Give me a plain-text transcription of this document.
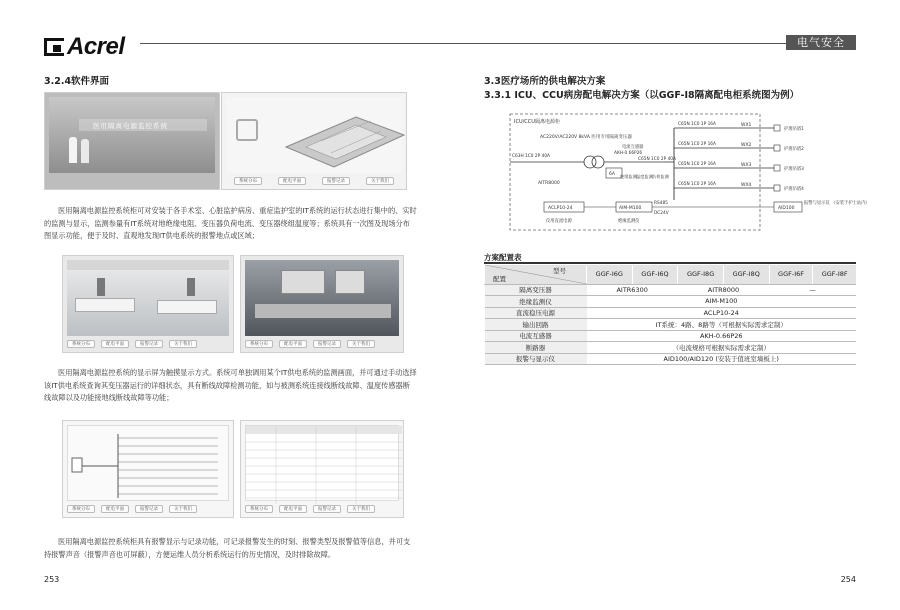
Acrel	电气安全
3.2.4软件界面
医用隔离电源监控系统
系统分布	配电平面	报警记录	关于我们
医用隔离电源监控系统柜可对安装于各手术室、心脏监护病房、重症监护室的IT系统的运行状态进行集中的、实时的监测与显示，监测参量有IT系统对地绝缘电阻、变压器负荷电流、变压器绕组温度等；系统具有一次图及现场分布图显示功能，便于及时、直观地发现IT供电系统的报警地点或区域；
系统分布	配电平面	报警记录	关于我们	系统分布	配电平面	报警记录	关于我们
医用隔离电源监控系统的显示屏为触摸显示方式。系统可单独调用某个IT供电系统的监测画面，并可通过手动选择该IT供电系统查询其变压器运行的详细状态，具有断线故障检测功能，如与被测系统连接线断线故障、温度传感器断线故障以及功能接地线断线故障等功能；
系统分布	配电平面	报警记录	关于我们	系统分布	配电平面	报警记录	关于我们
医用隔离电源监控系统柜具有报警显示与记录功能，可记录报警发生的时刻、报警类型及报警值等信息，并可支持报警声音（报警声音也可屏蔽），方便运维人员分析系统运行的历史情况，及时排除故障。
253
3.3医疗场所的供电解决方案
3.3.1 ICU、CCU病房配电解决方案（以GGF-I8隔离配电柜系统图为例）
ICU/CCU隔离电源柜
AC220V/AC220V 8kVA 医用专用隔离变压器
C63H 1C0 2P 40A
AITR8000
电流互感器
AKH-0.66P26
C65N 1C0 2P 40A
6A
C65N 1C0 1P 16A
C65N 1C0 2P 16A
C65N 1C0 2P 16A
C65N 1C0 2P 16A
WX1
WX2
WX3
WX4
护理吊塔1
护理吊塔2
护理吊塔3
护理吊塔4
绝缘监测 温度监测 负荷监测
ACLP10-24
仪用直流电源
AIM-M100
绝缘监测仪
RS485
DC24V
AID100
报警与显示仪 （安装于护士站内）
方案配置表
型号
配置	GGF-I6G	GGF-I6Q	GGF-I8G	GGF-I8Q	GGF-I6F	GGF-I8F
隔离变压器	AITR6300		AITR8000		—	
绝缘监测仪	AIM-M100					
直流稳压电源	ACLP10-24					
输出回路	IT系统：4路、8路等（可根据实际需求定制）					
电流互感器	AKH-0.66P26					
断路器	（电流规格可根据实际需求定制）					
报警与显示仪	AID100/AID120 (安装于值班室墙板上)					
254
